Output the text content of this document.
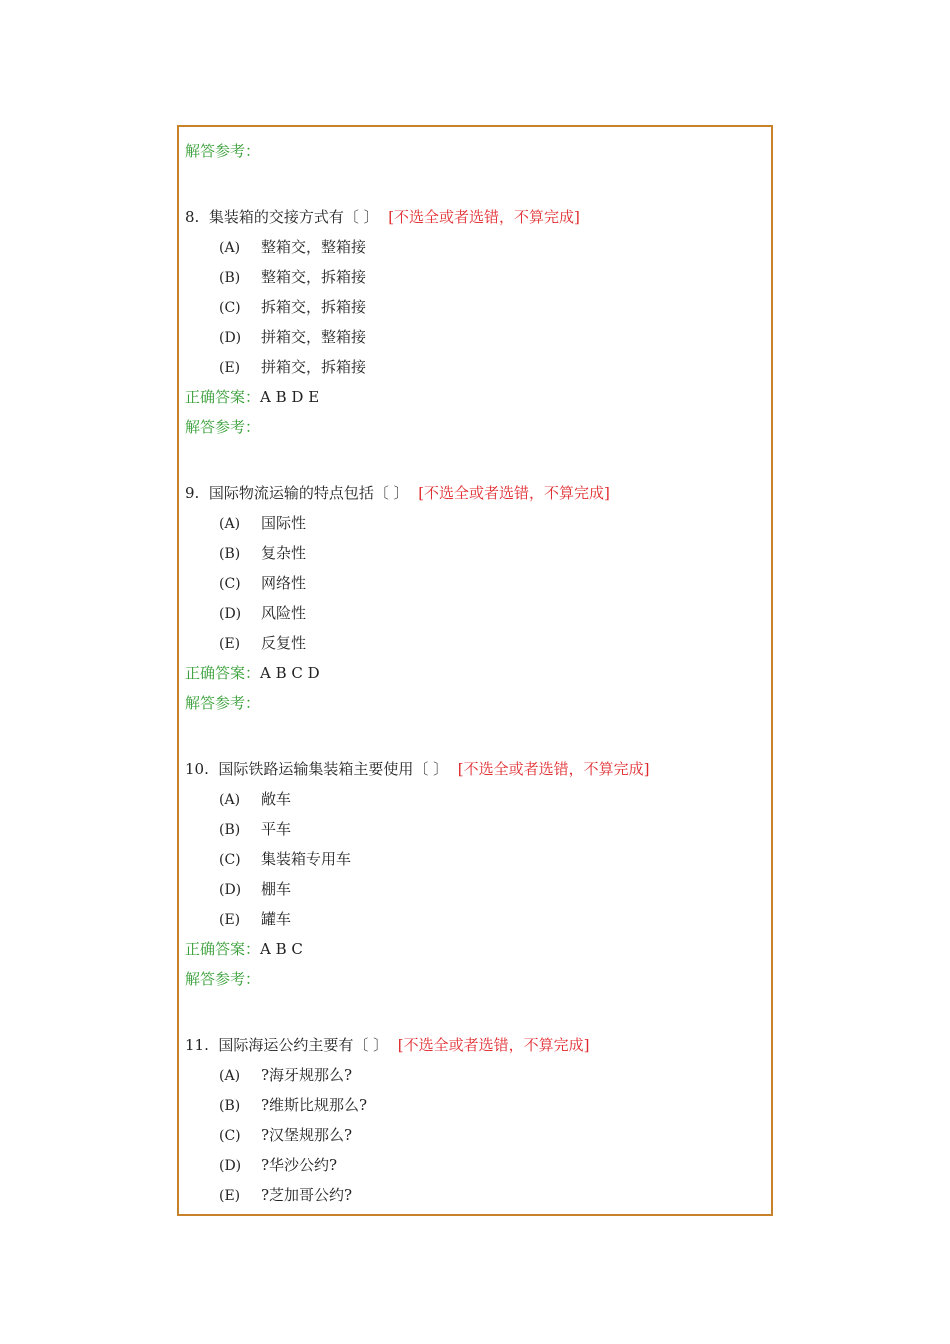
解答参考：
8. 集装箱的交接方式有〔 〕 [不选全或者选错，不算完成]
(A) 整箱交，整箱接
(B) 整箱交，拆箱接
(C) 拆箱交，拆箱接
(D) 拼箱交，整箱接
(E) 拼箱交，拆箱接
正确答案：A B D E
解答参考：
9. 国际物流运输的特点包括〔 〕 [不选全或者选错，不算完成]
(A) 国际性
(B) 复杂性
(C) 网络性
(D) 风险性
(E) 反复性
正确答案：A B C D
解答参考：
10. 国际铁路运输集装箱主要使用〔 〕 [不选全或者选错，不算完成]
(A) 敞车
(B) 平车
(C) 集装箱专用车
(D) 棚车
(E) 罐车
正确答案：A B C
解答参考：
11. 国际海运公约主要有〔 〕 [不选全或者选错，不算完成]
(A) ?海牙规那么?
(B) ?维斯比规那么?
(C) ?汉堡规那么?
(D) ?华沙公约?
(E) ?芝加哥公约?
